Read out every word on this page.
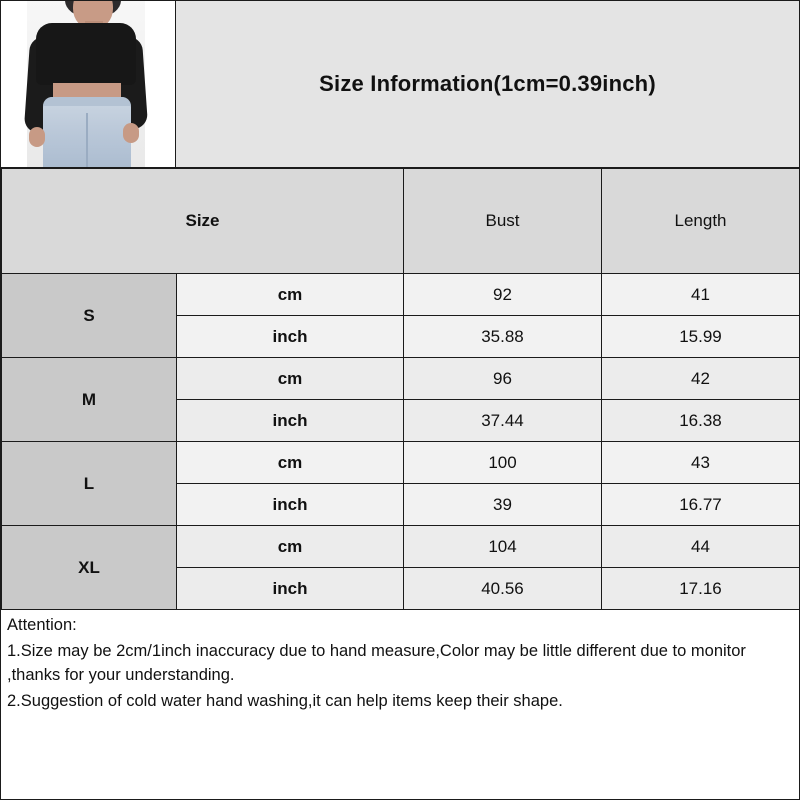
Size Information(1cm=0.39inch)
Size		Bust	Length
S	cm	92	41
	inch	35.88	15.99
M	cm	96	42
	inch	37.44	16.38
L	cm	100	43
	inch	39	16.77
XL	cm	104	44
	inch	40.56	17.16

Attention:

1.Size may be 2cm/1inch inaccuracy due to hand measure,Color may be little different due to monitor ,thanks for your understanding.

2.Suggestion of cold water hand washing,it can help items keep their shape.
